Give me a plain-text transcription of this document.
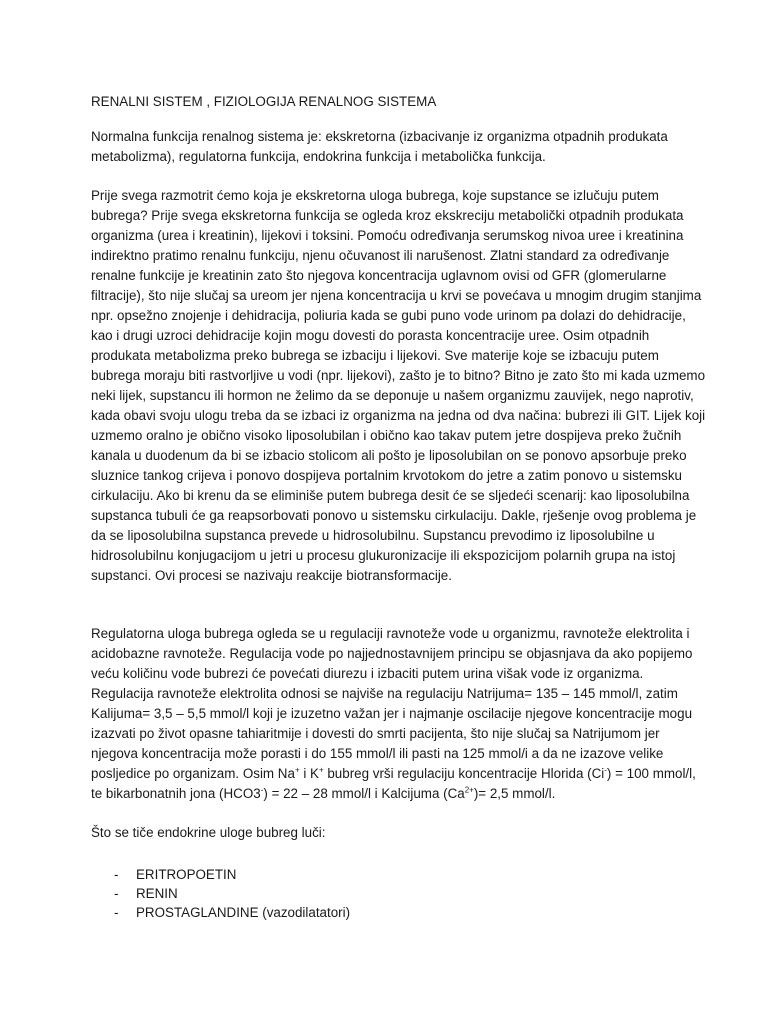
RENALNI SISTEM , FIZIOLOGIJA RENALNOG SISTEMA

Normalna funkcija renalnog sistema je: ekskretorna (izbacivanje iz organizma otpadnih produkata metabolizma), regulatorna funkcija, endokrina funkcija i metabolička funkcija.

Prije svega razmotrit ćemo koja je ekskretorna uloga bubrega, koje supstance se izlučuju putem bubrega? Prije svega ekskretorna funkcija se ogleda kroz ekskreciju metabolički otpadnih produkata organizma (urea i kreatinin), lijekovi i toksini. Pomoću određivanja serumskog nivoa uree i kreatinina indirektno pratimo renalnu funkciju, njenu očuvanost ili narušenost. Zlatni standard za određivanje renalne funkcije je kreatinin zato što njegova koncentracija uglavnom ovisi od GFR (glomerularne filtracije), što nije slučaj sa ureom jer njena koncentracija u krvi se povećava u mnogim drugim stanjima npr. opsežno znojenje i dehidracija, poliuria kada se gubi puno vode urinom pa dolazi do dehidracije, kao i drugi uzroci dehidracije kojin mogu dovesti do porasta koncentracije uree. Osim otpadnih produkata metabolizma preko bubrega se izbaciju i lijekovi. Sve materije koje se izbacuju putem bubrega moraju biti rastvorljive u vodi (npr. lijekovi), zašto je to bitno? Bitno je zato što mi kada uzmemo neki lijek, supstancu ili hormon ne želimo da se deponuje u našem organizmu zauvijek, nego naprotiv, kada obavi svoju ulogu treba da se izbaci iz organizma na jedna od dva načina: bubrezi ili GIT. Lijek koji uzmemo oralno je obično visoko liposolubilan i obično kao takav putem jetre dospijeva preko žučnih kanala u duodenum da bi se izbacio stolicom ali pošto je liposolubilan on se ponovo apsorbuje preko sluznice tankog crijeva i ponovo dospijeva portalnim krvotokom do jetre a zatim ponovo u sistemsku cirkulaciju. Ako bi krenu da se eliminiše putem bubrega desit će se sljedeći scenarij: kao liposolubilna supstanca tubuli će ga reapsorbovati ponovo u sistemsku cirkulaciju. Dakle, rješenje ovog problema je da se liposolubilna supstanca prevede u hidrosolubilnu. Supstancu prevodimo iz liposolubilne u hidrosolubilnu konjugacijom u jetri u procesu glukuronizacije ili ekspozicijom polarnih grupa na istoj supstanci. Ovi procesi se nazivaju reakcije biotransformacije.

Regulatorna uloga bubrega ogleda se u regulaciji ravnoteže vode u organizmu, ravnoteže elektrolita i acidobazne ravnoteže. Regulacija vode po najjednostavnijem principu se objasnjava da ako popijemo veću količinu vode bubrezi će povećati diurezu i izbaciti putem urina višak vode iz organizma. Regulacija ravnoteže elektrolita odnosi se najviše na regulaciju Natrijuma= 135 – 145 mmol/l, zatim Kalijuma= 3,5 – 5,5 mmol/l koji je izuzetno važan jer i najmanje oscilacije njegove koncentracije mogu izazvati po život opasne tahiaritmije i dovesti do smrti pacijenta, što nije slučaj sa Natrijumom jer njegova koncentracija može porasti i do 155 mmol/l ili pasti na 125 mmol/i a da ne izazove velike posljedice po organizam. Osim Na+ i K+ bubreg vrši regulaciju koncentracije Hlorida (Ci-) = 100 mmol/l, te bikarbonatnih jona (HCO3-) = 22 – 28 mmol/l i Kalcijuma $(Ca^{2+})= 2,5$ mmol/l.

Što se tiče endokrine uloge bubreg luči:

- ERITROPOETIN
- RENIN
- PROSTAGLANDINE (vazodilatatori)
